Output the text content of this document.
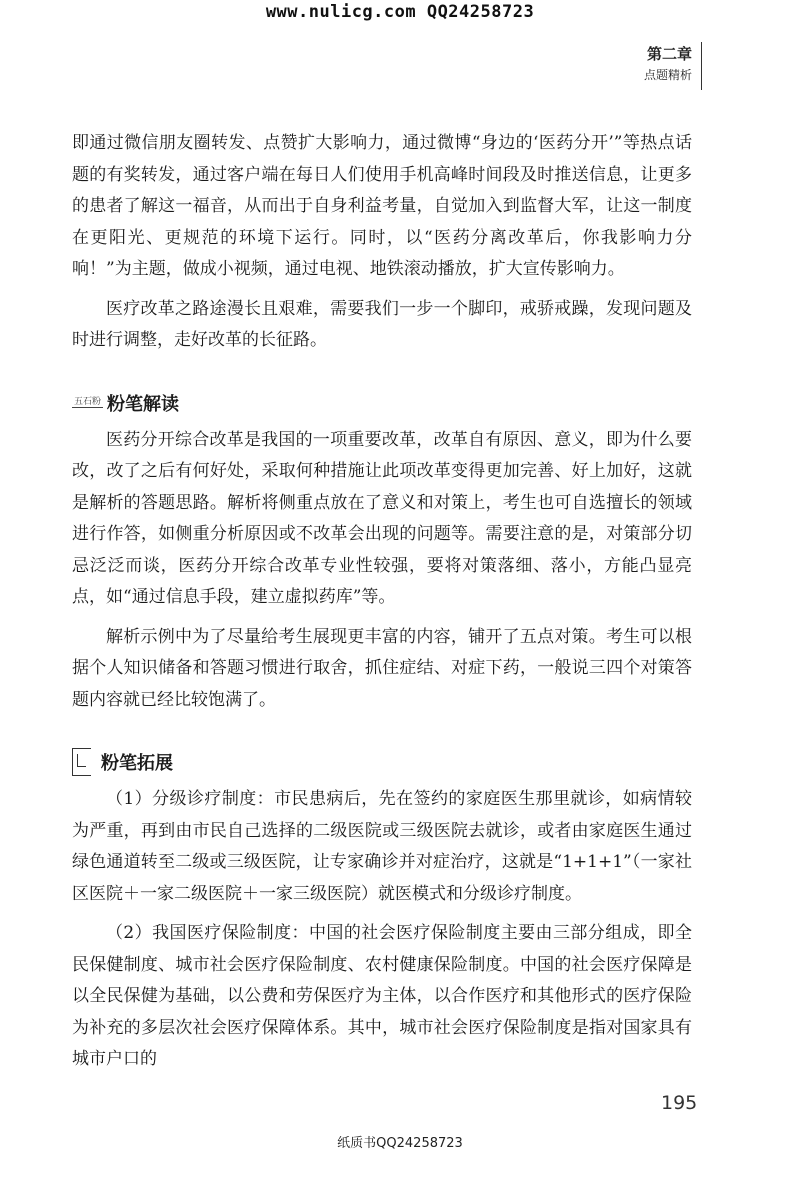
www.nulicg.com QQ24258723
第二章
点题精析

即通过微信朋友圈转发、点赞扩大影响力，通过微博“身边的‘医药分开’”等热点话题的有奖转发，通过客户端在每日人们使用手机高峰时间段及时推送信息，让更多的患者了解这一福音，从而出于自身利益考量，自觉加入到监督大军，让这一制度在更阳光、更规范的环境下运行。同时，以“医药分离改革后，你我影响力分响！”为主题，做成小视频，通过电视、地铁滚动播放，扩大宣传影响力。

医疗改革之路途漫长且艰难，需要我们一步一个脚印，戒骄戒躁，发现问题及时进行调整，走好改革的长征路。

五石粉 粉笔解读

医药分开综合改革是我国的一项重要改革，改革自有原因、意义，即为什么要改，改了之后有何好处，采取何种措施让此项改革变得更加完善、好上加好，这就是解析的答题思路。解析将侧重点放在了意义和对策上，考生也可自选擅长的领域进行作答，如侧重分析原因或不改革会出现的问题等。需要注意的是，对策部分切忌泛泛而谈，医药分开综合改革专业性较强，要将对策落细、落小，方能凸显亮点，如“通过信息手段，建立虚拟药库”等。

解析示例中为了尽量给考生展现更丰富的内容，铺开了五点对策。考生可以根据个人知识储备和答题习惯进行取舍，抓住症结、对症下药，一般说三四个对策答题内容就已经比较饱满了。

粉笔拓展

（1）分级诊疗制度：市民患病后，先在签约的家庭医生那里就诊，如病情较为严重，再到由市民自己选择的二级医院或三级医院去就诊，或者由家庭医生通过绿色通道转至二级或三级医院，让专家确诊并对症治疗，这就是“1+1+1”（一家社区医院＋一家二级医院＋一家三级医院）就医模式和分级诊疗制度。

（2）我国医疗保险制度：中国的社会医疗保险制度主要由三部分组成，即全民保健制度、城市社会医疗保险制度、农村健康保险制度。中国的社会医疗保障是以全民保健为基础，以公费和劳保医疗为主体，以合作医疗和其他形式的医疗保险为补充的多层次社会医疗保障体系。其中，城市社会医疗保险制度是指对国家具有城市户口的

195
纸质书QQ24258723
